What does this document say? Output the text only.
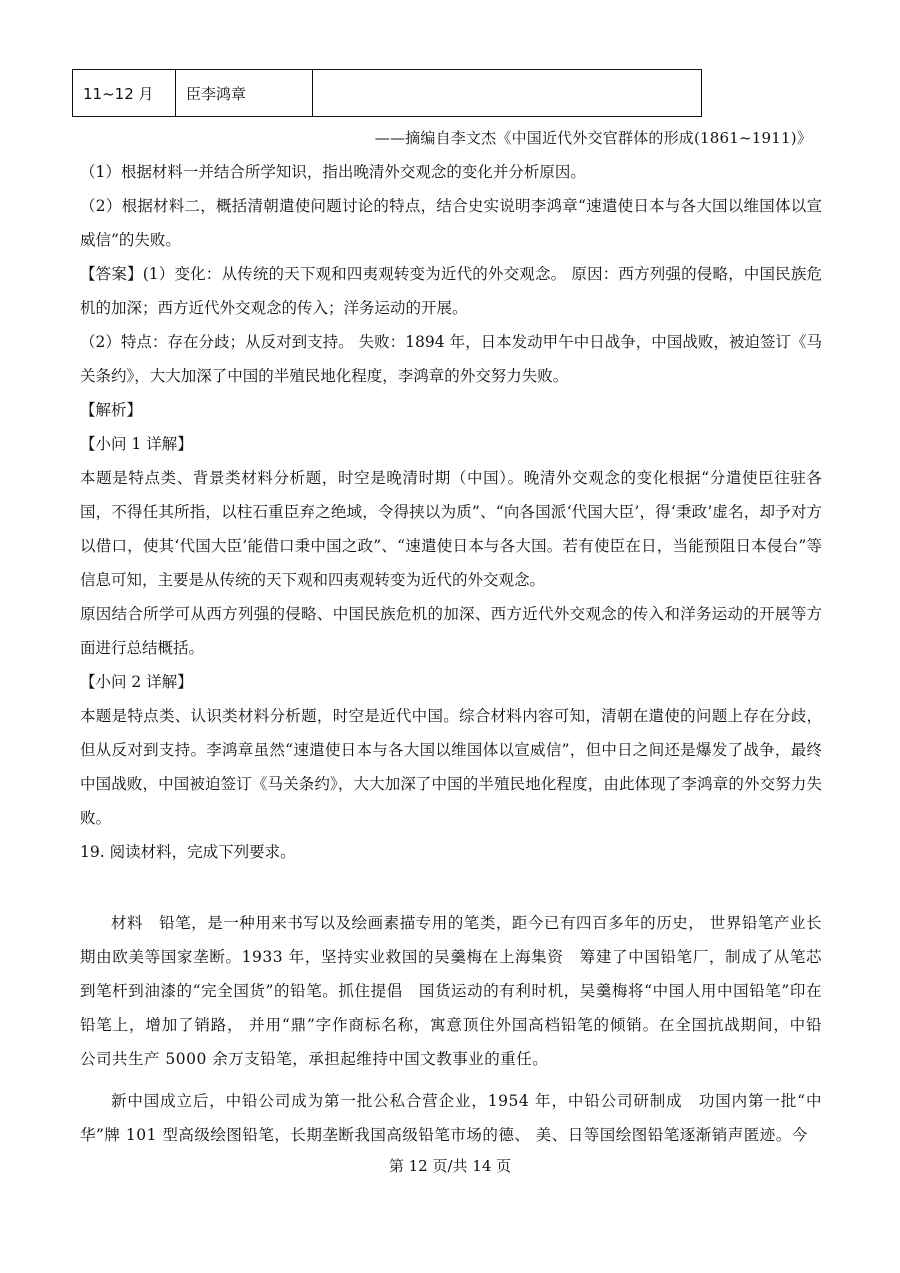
11~12 月	臣李鸿章	
——摘编自李文杰《中国近代外交官群体的形成(1861~1911)》

（1）根据材料一并结合所学知识，指出晚清外交观念的变化并分析原因。

（2）根据材料二，概括清朝遣使问题讨论的特点，结合史实说明李鸿章“速遣使日本与各大国以维国体以宣威信”的失败。

【答案】(1）变化：从传统的天下观和四夷观转变为近代的外交观念。 原因：西方列强的侵略，中国民族危机的加深；西方近代外交观念的传入；洋务运动的开展。

（2）特点：存在分歧；从反对到支持。 失败：1894 年，日本发动甲午中日战争，中国战败，被迫签订《马关条约》，大大加深了中国的半殖民地化程度，李鸿章的外交努力失败。

【解析】

【小问 1 详解】

本题是特点类、背景类材料分析题，时空是晚清时期（中国）。晚清外交观念的变化根据“分遣使臣往驻各国，不得任其所指，以柱石重臣弃之绝域，令得挟以为质”、“向各国派‘代国大臣’，得‘秉政’虚名，却予对方以借口，使其‘代国大臣’能借口秉中国之政”、“速遣使日本与各大国。若有使臣在日，当能预阻日本侵台”等信息可知，主要是从传统的天下观和四夷观转变为近代的外交观念。

原因结合所学可从西方列强的侵略、中国民族危机的加深、西方近代外交观念的传入和洋务运动的开展等方面进行总结概括。

【小问 2 详解】

本题是特点类、认识类材料分析题，时空是近代中国。综合材料内容可知，清朝在遣使的问题上存在分歧，但从反对到支持。李鸿章虽然“速遣使日本与各大国以维国体以宣威信”，但中日之间还是爆发了战争，最终中国战败，中国被迫签订《马关条约》，大大加深了中国的半殖民地化程度，由此体现了李鸿章的外交努力失败。

19. 阅读材料，完成下列要求。

材料　铅笔，是一种用来书写以及绘画素描专用的笔类，距今已有四百多年的历史， 世界铅笔产业长期由欧美等国家垄断。1933 年，坚持实业救国的吴羹梅在上海集资　筹建了中国铅笔厂，制成了从笔芯到笔杆到油漆的“完全国货”的铅笔。抓住提倡　国货运动的有利时机，吴羹梅将“中国人用中国铅笔”印在铅笔上，增加了销路， 并用“鼎”字作商标名称，寓意顶住外国高档铅笔的倾销。在全国抗战期间，中铅　公司共生产 5000 余万支铅笔，承担起维持中国文教事业的重任。

新中国成立后，中铅公司成为第一批公私合营企业，1954 年，中铅公司研制成　功国内第一批“中华”牌 101 型高级绘图铅笔，长期垄断我国高级铅笔市场的德、 美、日等国绘图铅笔逐渐销声匿迹。今

第 12 页/共 14 页
